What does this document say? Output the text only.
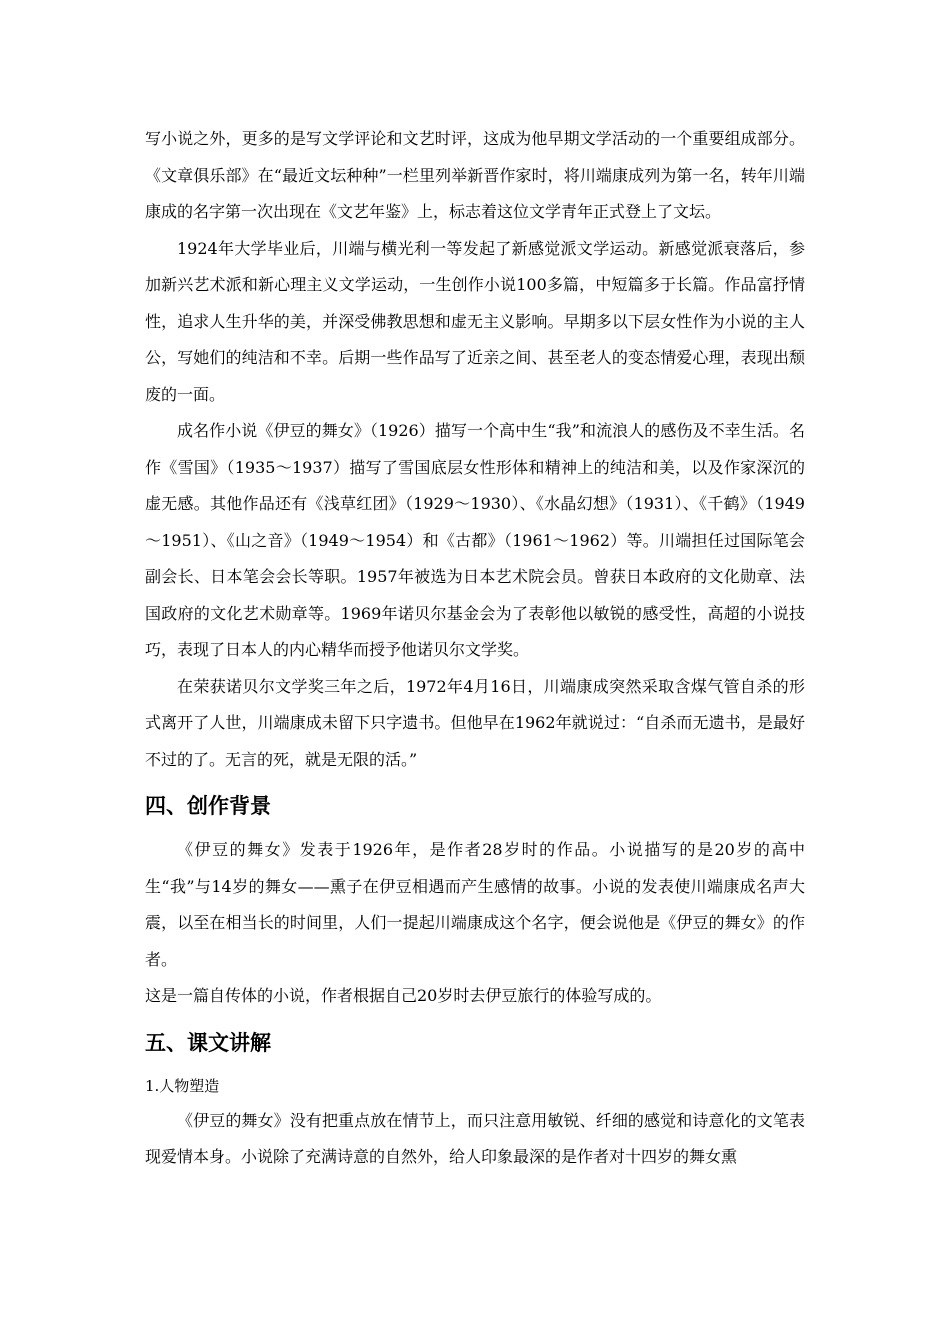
写小说之外，更多的是写文学评论和文艺时评，这成为他早期文学活动的一个重要组成部分。《文章俱乐部》在“最近文坛种种”一栏里列举新晋作家时，将川端康成列为第一名，转年川端康成的名字第一次出现在《文艺年鉴》上，标志着这位文学青年正式登上了文坛。

1924年大学毕业后，川端与横光利一等发起了新感觉派文学运动。新感觉派衰落后，参加新兴艺术派和新心理主义文学运动，一生创作小说100多篇，中短篇多于长篇。作品富抒情性，追求人生升华的美，并深受佛教思想和虚无主义影响。早期多以下层女性作为小说的主人公，写她们的纯洁和不幸。后期一些作品写了近亲之间、甚至老人的变态情爱心理，表现出颓废的一面。

成名作小说《伊豆的舞女》（1926）描写一个高中生“我”和流浪人的感伤及不幸生活。名作《雪国》（1935～1937）描写了雪国底层女性形体和精神上的纯洁和美，以及作家深沉的虚无感。其他作品还有《浅草红团》（1929～1930）、《水晶幻想》（1931）、《千鹤》（1949～1951）、《山之音》（1949～1954）和《古都》（1961～1962）等。川端担任过国际笔会副会长、日本笔会会长等职。1957年被选为日本艺术院会员。曾获日本政府的文化勋章、法国政府的文化艺术勋章等。1969年诺贝尔基金会为了表彰他以敏锐的感受性，高超的小说技巧，表现了日本人的内心精华而授予他诺贝尔文学奖。

在荣获诺贝尔文学奖三年之后，1972年4月16日，川端康成突然采取含煤气管自杀的形式离开了人世，川端康成未留下只字遗书。但他早在1962年就说过：“自杀而无遗书，是最好不过的了。无言的死，就是无限的活。”

四、创作背景

《伊豆的舞女》发表于1926年，是作者28岁时的作品。小说描写的是20岁的高中生“我”与14岁的舞女——熏子在伊豆相遇而产生感情的故事。小说的发表使川端康成名声大震，以至在相当长的时间里，人们一提起川端康成这个名字，便会说他是《伊豆的舞女》的作者。

这是一篇自传体的小说，作者根据自己20岁时去伊豆旅行的体验写成的。

五、课文讲解

1.人物塑造

《伊豆的舞女》没有把重点放在情节上，而只注意用敏锐、纤细的感觉和诗意化的文笔表现爱情本身。小说除了充满诗意的自然外，给人印象最深的是作者对十四岁的舞女熏
